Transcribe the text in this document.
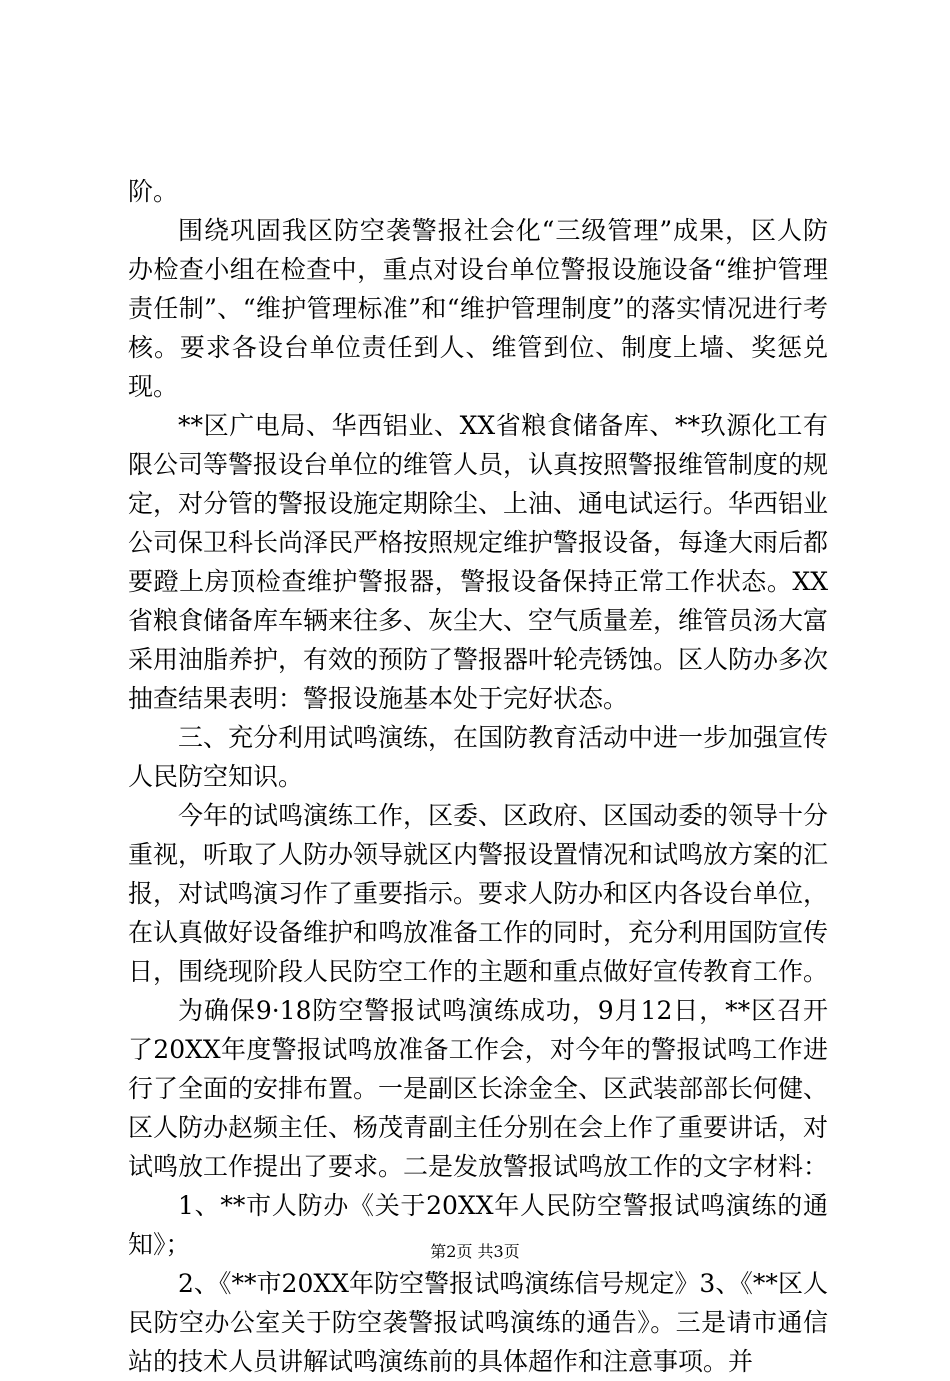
阶。

围绕巩固我区防空袭警报社会化“三级管理”成果，区人防办检查小组在检查中，重点对设台单位警报设施设备“维护管理责任制”、“维护管理标准”和“维护管理制度”的落实情况进行考核。要求各设台单位责任到人、维管到位、制度上墙、奖惩兑现。

**区广电局、华西铝业、XX省粮食储备库、**玖源化工有限公司等警报设台单位的维管人员，认真按照警报维管制度的规定，对分管的警报设施定期除尘、上油、通电试运行。华西铝业公司保卫科长尚泽民严格按照规定维护警报设备，每逢大雨后都要蹬上房顶检查维护警报器，警报设备保持正常工作状态。XX省粮食储备库车辆来往多、灰尘大、空气质量差，维管员汤大富采用油脂养护，有效的预防了警报器叶轮壳锈蚀。区人防办多次抽查结果表明：警报设施基本处于完好状态。

三、充分利用试鸣演练，在国防教育活动中进一步加强宣传人民防空知识。

今年的试鸣演练工作，区委、区政府、区国动委的领导十分重视，听取了人防办领导就区内警报设置情况和试鸣放方案的汇报，对试鸣演习作了重要指示。要求人防办和区内各设台单位，在认真做好设备维护和鸣放准备工作的同时，充分利用国防宣传日，围绕现阶段人民防空工作的主题和重点做好宣传教育工作。

为确保9·18防空警报试鸣演练成功，9月12日，**区召开了20XX年度警报试鸣放准备工作会，对今年的警报试鸣工作进行了全面的安排布置。一是副区长涂金全、区武装部部长何健、区人防办赵频主任、杨茂青副主任分别在会上作了重要讲话，对试鸣放工作提出了要求。二是发放警报试鸣放工作的文字材料：

1、**市人防办《关于20XX年人民防空警报试鸣演练的通知》；

2、《**市20XX年防空警报试鸣演练信号规定》3、《**区人民防空办公室关于防空袭警报试鸣演练的通告》。三是请市通信站的技术人员讲解试鸣演练前的具体超作和注意事项。并

第2页 共3页
